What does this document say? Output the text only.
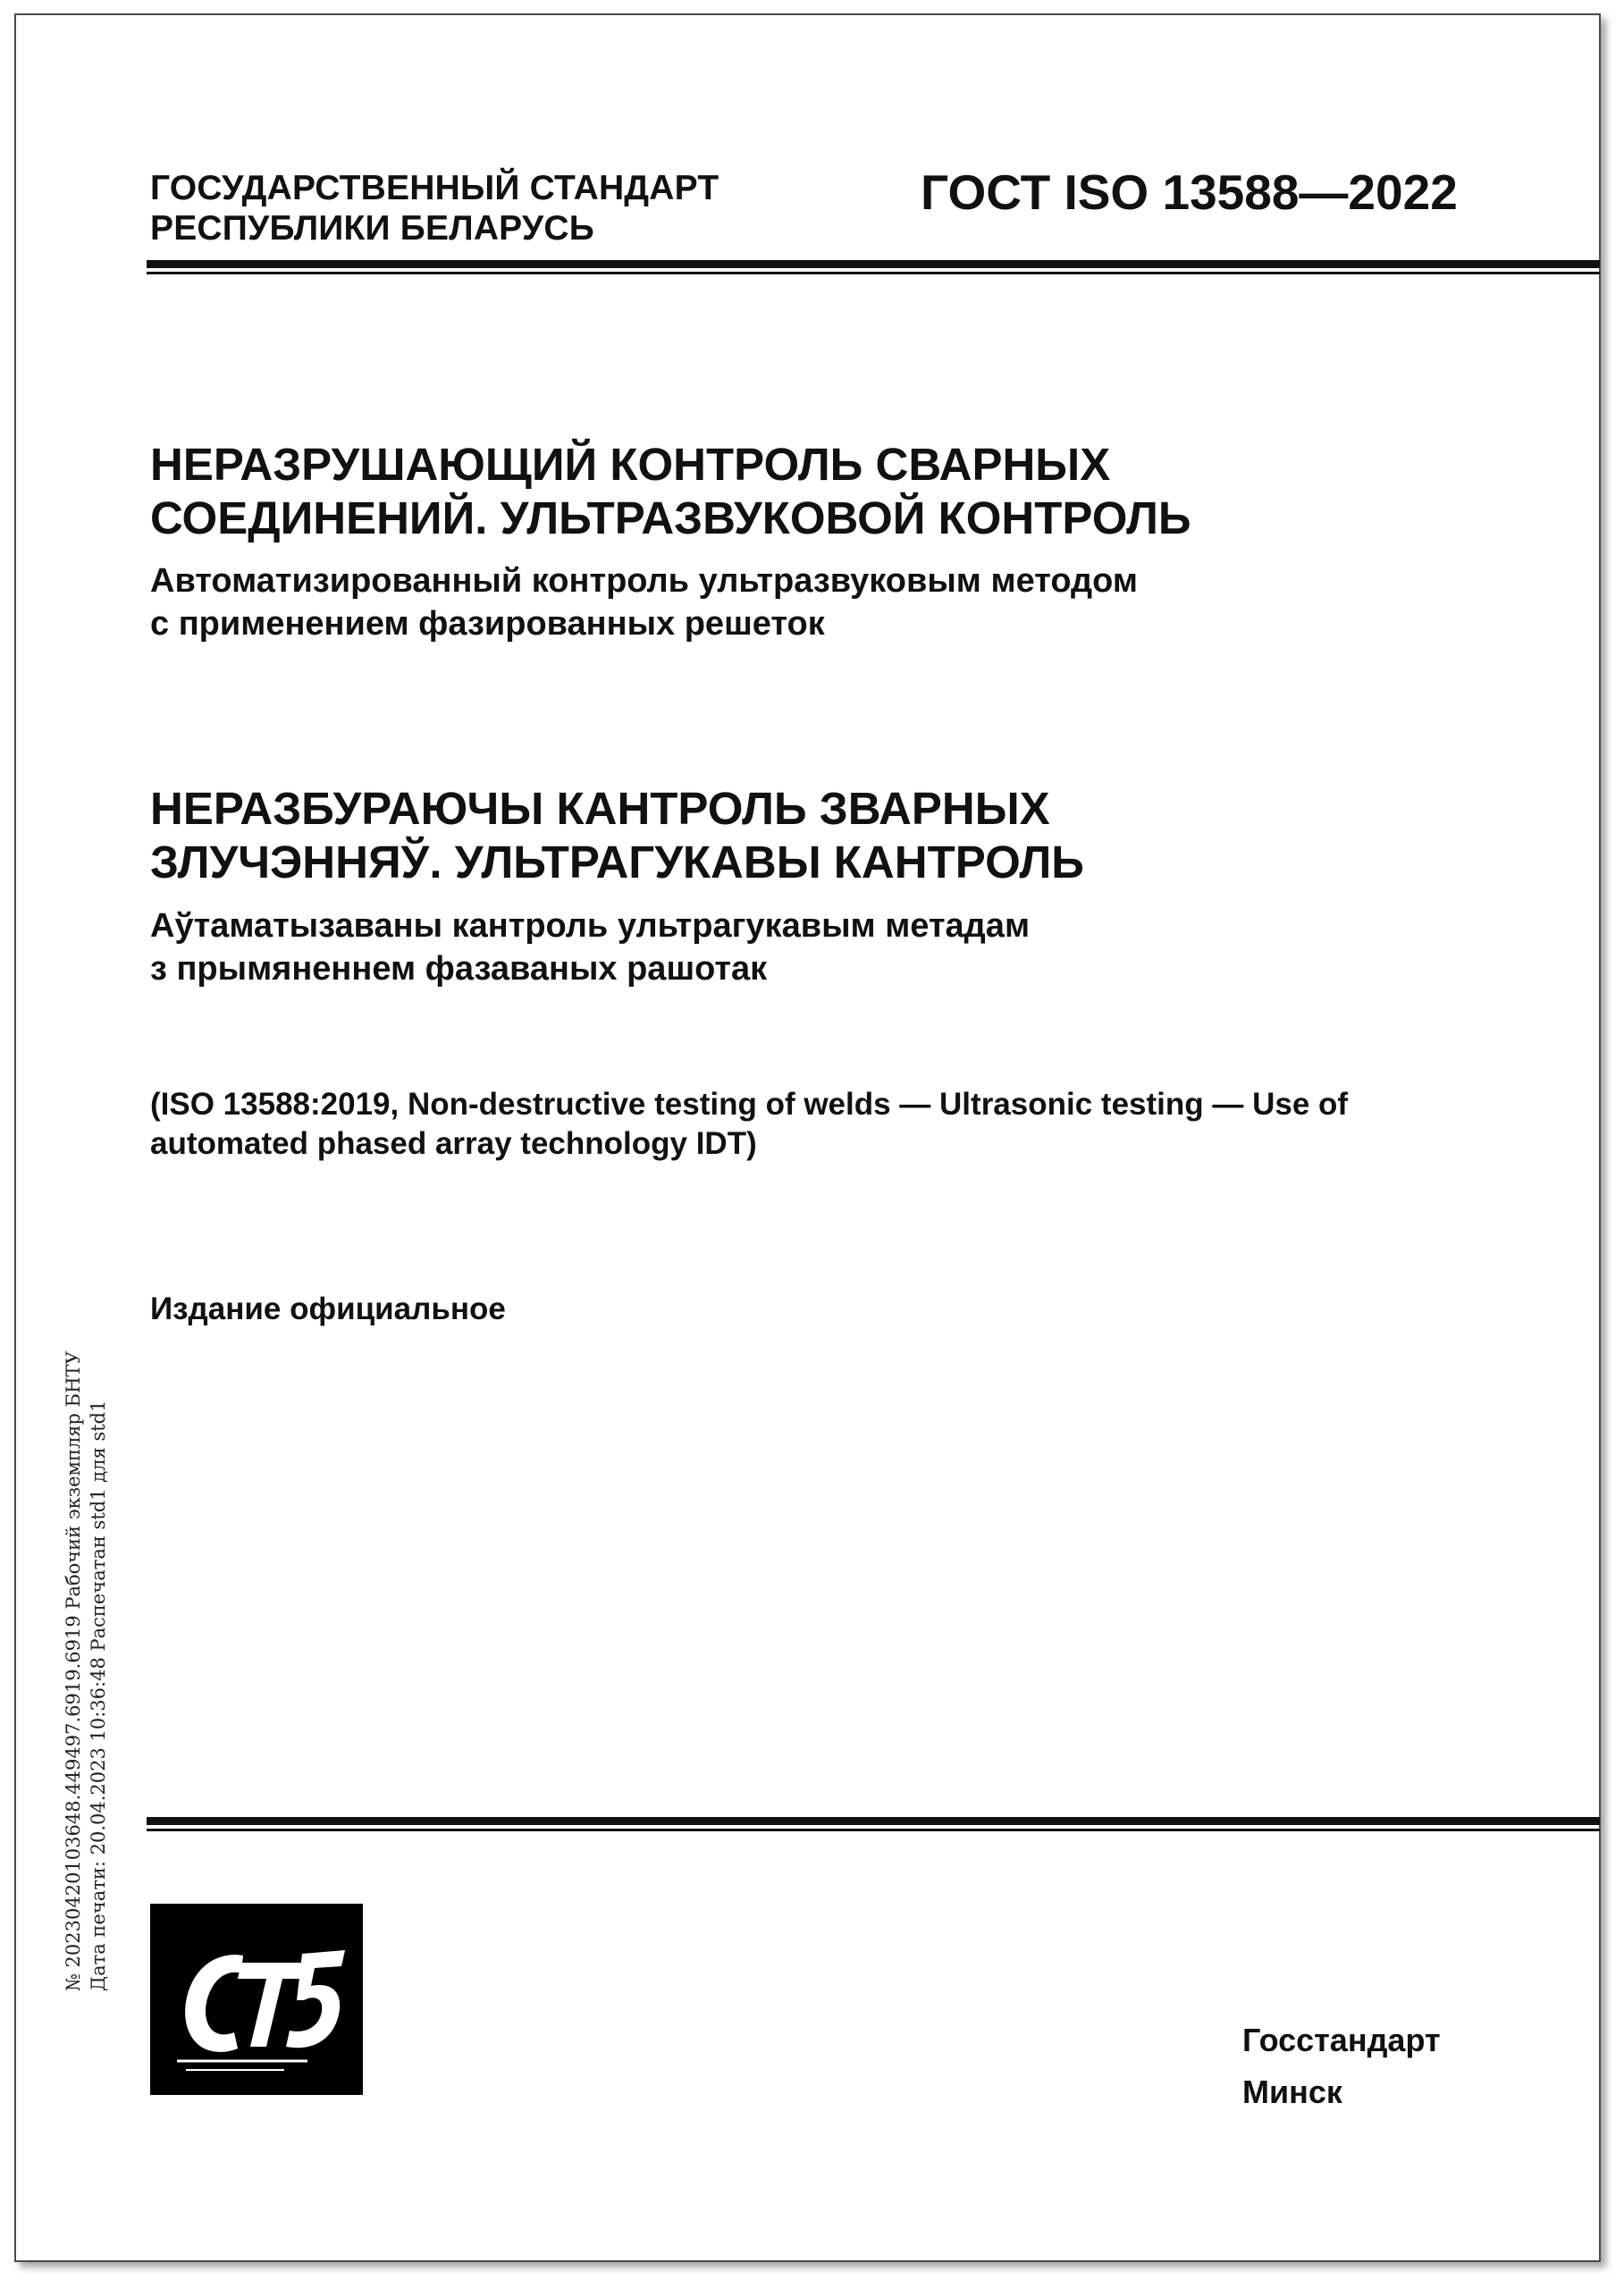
ГОСУДАРСТВЕННЫЙ СТАНДАРТ
РЕСПУБЛИКИ БЕЛАРУСЬ
ГОСТ ISO 13588—2022
НЕРАЗРУШАЮЩИЙ КОНТРОЛЬ СВАРНЫХ
СОЕДИНЕНИЙ. УЛЬТРАЗВУКОВОЙ КОНТРОЛЬ
Автоматизированный контроль ультразвуковым методом
с применением фазированных решеток
НЕРАЗБУРАЮЧЫ КАНТРОЛЬ ЗВАРНЫХ
ЗЛУЧЭННЯЎ. УЛЬТРАГУКАВЫ КАНТРОЛЬ
Аўтаматызаваны кантроль ультрагукавым метадам
з прымяненнем фазаваных рашотак
(ISO 13588:2019, Non-destructive testing of welds — Ultrasonic testing — Use of
automated phased array technology IDT)
Издание официальное
№ 20230420103648.449497.6919.6919 Рабочий экземпляр БНТУ Дата печати: 20.04.2023 10:36:48 Распечатан std1 для std1
Госстандарт
Минск
